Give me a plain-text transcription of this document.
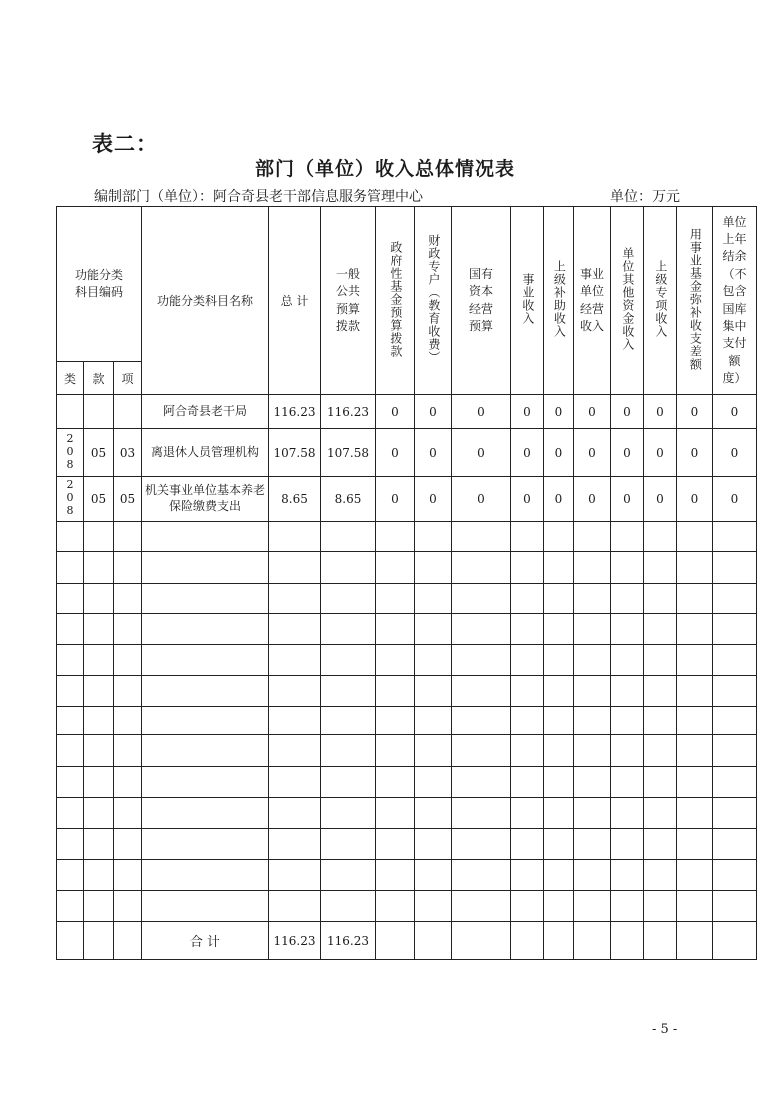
表二：
部门（单位）收入总体情况表
编制部门（单位）：阿合奇县老干部信息服务管理中心	单位：万元
功能分类科目编码			功能分类科目名称	总 计	一般公共预算拨款	政府性基金预算拨款	财政专户（教育收费）	国有资本经营预算	事业收入	上级补助收入	事业单位经营收入	单位其他资金收入	上级专项收入	用事业基金弥补收支差额	单位上年结余（不包含国库集中支付额度）
类	款	项													
			阿合奇县老干局	116.23	116.23	0	0	0	0	0	0	0	0	0	0
208	05	03	离退休人员管理机构	107.58	107.58	0	0	0	0	0	0	0	0	0	0
208	05	05	机关事业单位基本养老保险缴费支出	8.65	8.65	0	0	0	0	0	0	0	0	0	0

			合 计	116.23	116.23										
- 5 -
